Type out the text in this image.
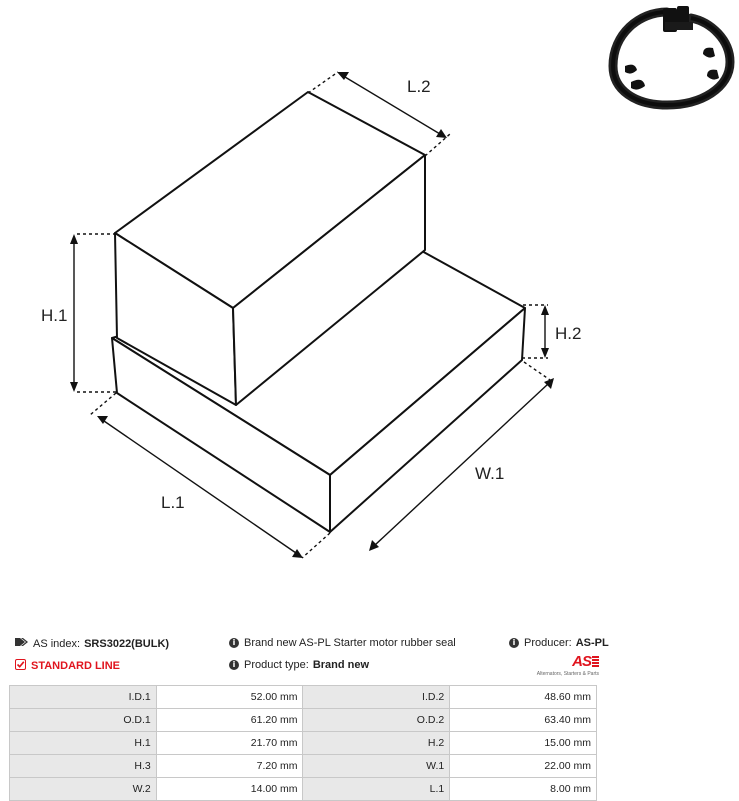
L.2
H.1
H.2
L.1
W.1
AS index: SRS3022(BULK)
STANDARD LINE
i Brand new AS-PL Starter motor rubber seal
i Product type: Brand new
i Producer: AS-PL
AS
Alternators, Starters & Parts
I.D.1	52.00 mm	I.D.2	48.60 mm
O.D.1	61.20 mm	O.D.2	63.40 mm
H.1	21.70 mm	H.2	15.00 mm
H.3	7.20 mm	W.1	22.00 mm
W.2	14.00 mm	L.1	8.00 mm
